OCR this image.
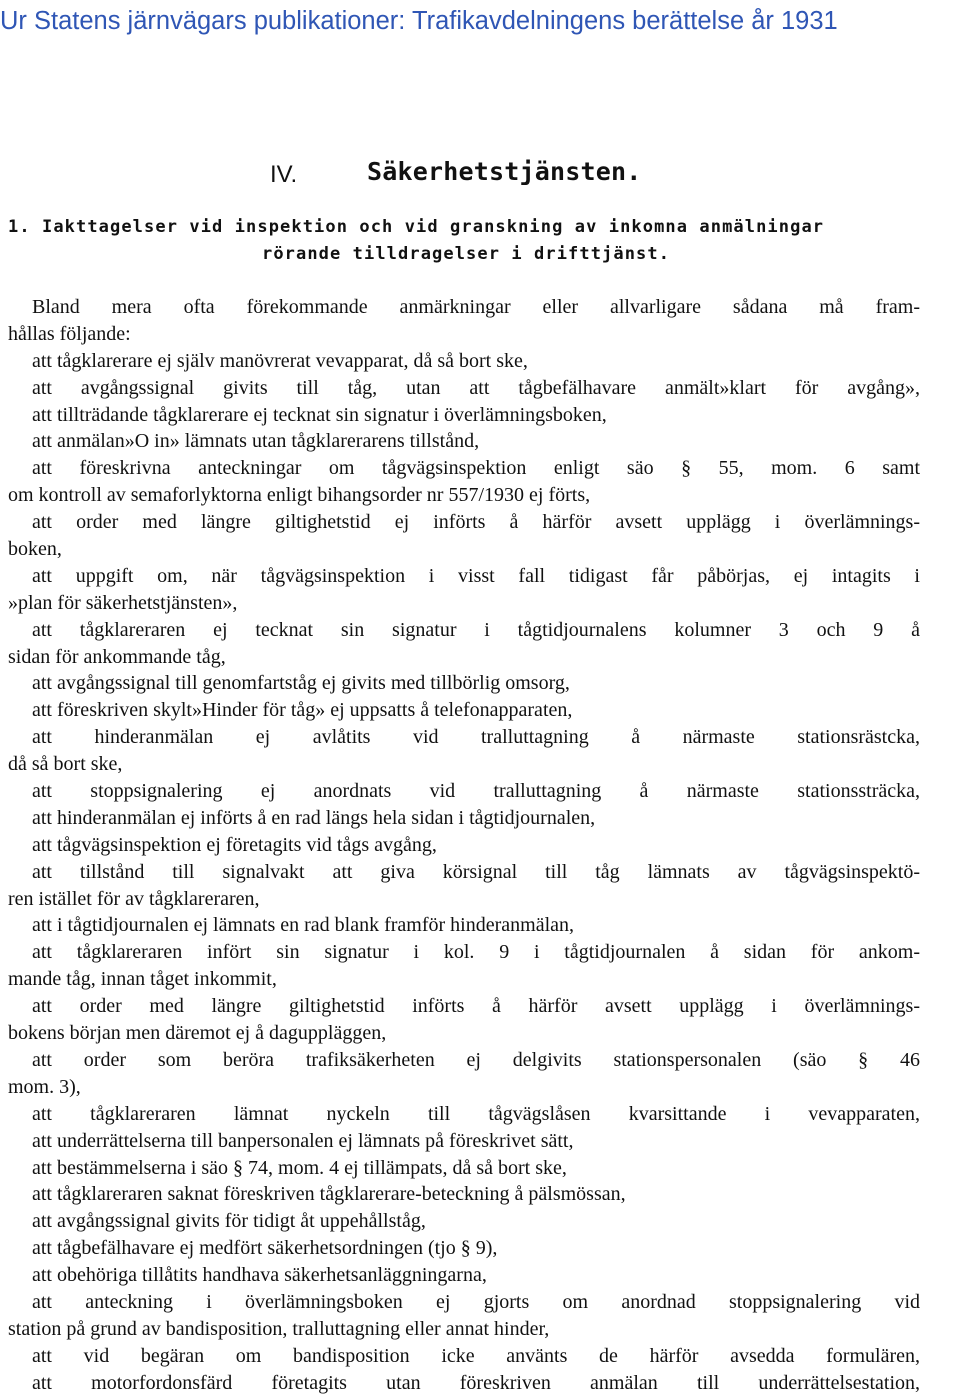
Ur Statens järnvägars publikationer: Trafikavdelningens berättelse år 1931
IV.	Säkerhetstjänsten.
1. Iakttagelser vid inspektion och vid granskning av inkomna anmälningar
rörande tilldragelser i drifttjänst.
Bland mera ofta förekommande anmärkningar eller allvarligare sådana må fram-
hållas följande:
att tågklarerare ej själv manövrerat vevapparat, då så bort ske,
att avgångssignal givits till tåg, utan att tågbefälhavare anmält»klart för avgång»,
att tillträdande tågklarerare ej tecknat sin signatur i överlämningsboken,
att anmälan»O in» lämnats utan tågklarerarens tillstånd,
att föreskrivna anteckningar om tågvägsinspektion enligt säo § 55, mom. 6 samt
om kontroll av semaforlyktorna enligt bihangsorder nr 557/1930 ej förts,
att order med längre giltighetstid ej införts å härför avsett upplägg i överlämnings-
boken,
att uppgift om, när tågvägsinspektion i visst fall tidigast får påbörjas, ej intagits i
»plan för säkerhetstjänsten»,
att tågklareraren ej tecknat sin signatur i tågtidjournalens kolumner 3 och 9 å
sidan för ankommande tåg,
att avgångssignal till genomfartståg ej givits med tillbörlig omsorg,
att föreskriven skylt»Hinder för tåg» ej uppsatts å telefonapparaten,
att hinderanmälan ej avlåtits vid tralluttagning å närmaste stationsrästcka,
då så bort ske,
att stoppsignalering ej anordnats vid tralluttagning å närmaste stationssträcka,
att hinderanmälan ej införts å en rad längs hela sidan i tågtidjournalen,
att tågvägsinspektion ej företagits vid tågs avgång,
att tillstånd till signalvakt att giva körsignal till tåg lämnats av tågvägsinspektö-
ren istället för av tågklareraren,
att i tågtidjournalen ej lämnats en rad blank framför hinderanmälan,
att tågklareraren infört sin signatur i kol. 9 i tågtidjournalen å sidan för ankom-
mande tåg, innan tåget inkommit,
att order med längre giltighetstid införts å härför avsett upplägg i överlämnings-
bokens början men däremot ej å daguppläggen,
att order som beröra trafiksäkerheten ej delgivits stationspersonalen (säo § 46
mom. 3),
att tågklareraren lämnat nyckeln till tågvägslåsen kvarsittande i vevapparaten,
att underrättelserna till banpersonalen ej lämnats på föreskrivet sätt,
att bestämmelserna i säo § 74, mom. 4 ej tillämpats, då så bort ske,
att tågklareraren saknat föreskriven tågklarerare-beteckning å pälsmössan,
att avgångssignal givits för tidigt åt uppehållståg,
att tågbefälhavare ej medfört säkerhetsordningen (tjo § 9),
att obehöriga tillåtits handhava säkerhetsanläggningarna,
att anteckning i överlämningsboken ej gjorts om anordnad stoppsignalering vid
station på grund av bandisposition, tralluttagning eller annat hinder,
att vid begäran om bandisposition icke använts de härför avsedda formulären,
att motorfordonsfärd företagits utan föreskriven anmälan till underrättelsestation,
